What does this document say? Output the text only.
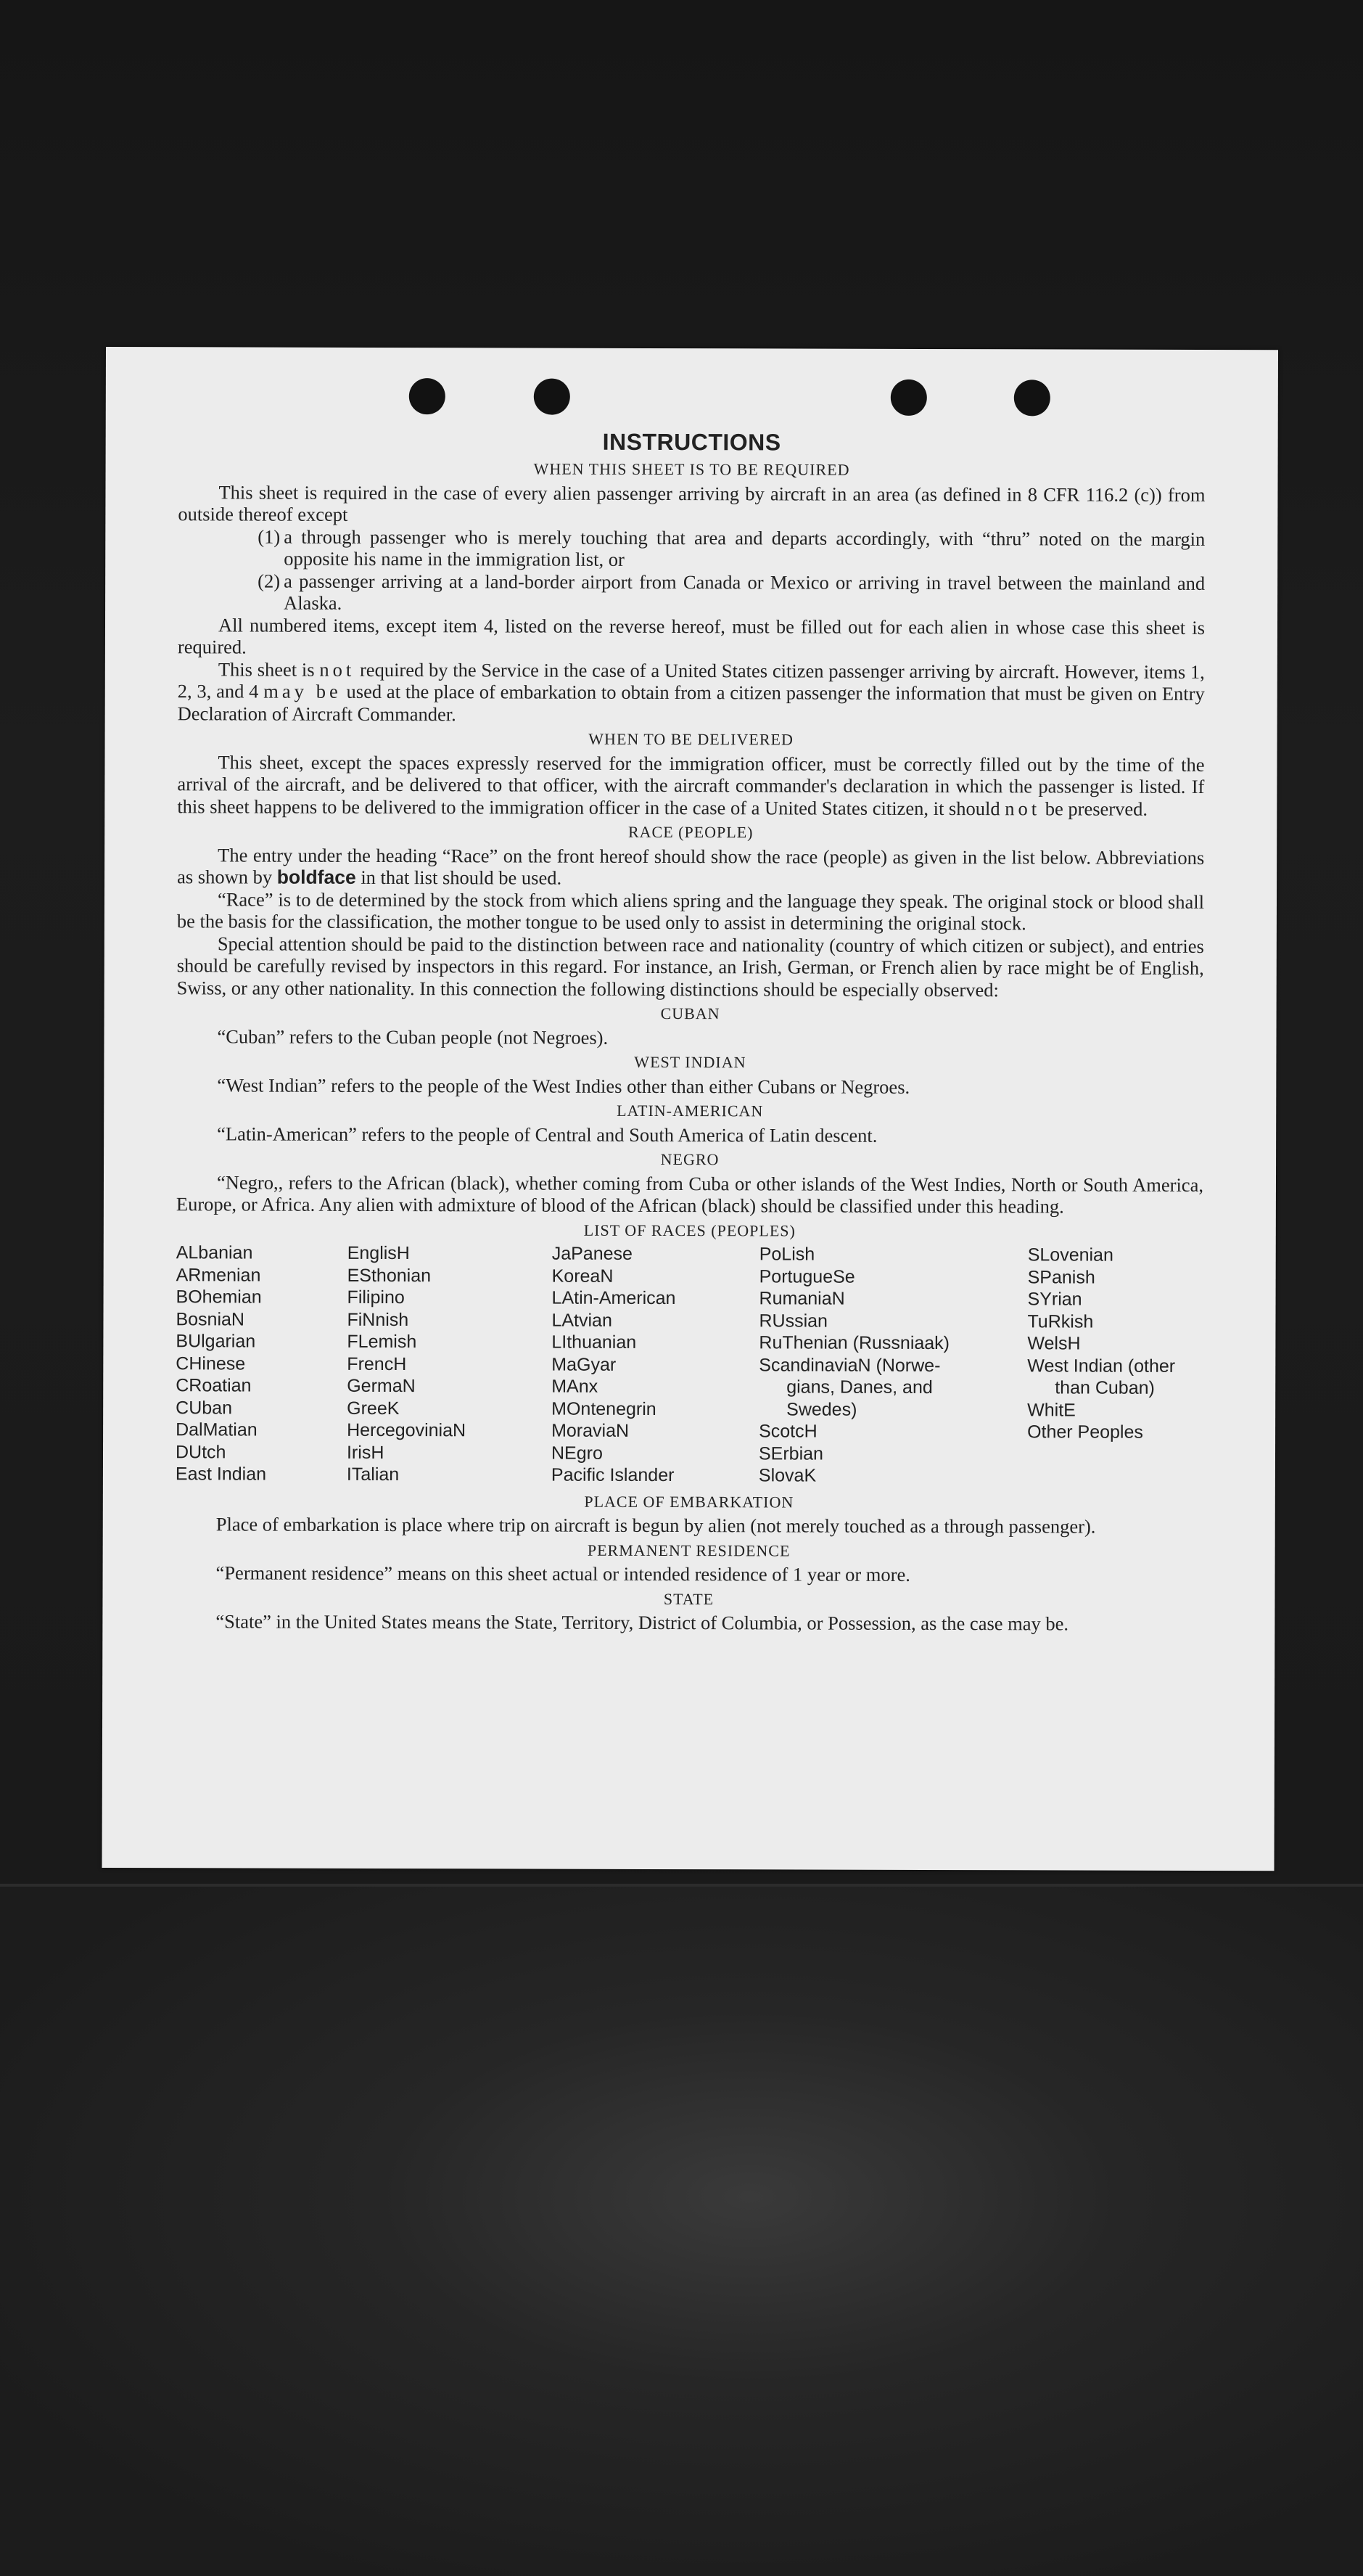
INSTRUCTIONS
WHEN THIS SHEET IS TO BE REQUIRED

This sheet is required in the case of every alien passenger arriving by aircraft in an area (as defined in 8 CFR 116.2 (c)) from outside thereof except

(1) a through passenger who is merely touching that area and departs accordingly, with “thru” noted on the margin opposite his name in the immigration list, or
(2) a passenger arriving at a land-border airport from Canada or Mexico or arriving in travel between the mainland and Alaska.

All numbered items, except item 4, listed on the reverse hereof, must be filled out for each alien in whose case this sheet is required.

This sheet is not required by the Service in the case of a United States citizen passenger arriving by aircraft. However, items 1, 2, 3, and 4 may be used at the place of embarkation to obtain from a citizen passenger the information that must be given on Entry Declaration of Aircraft Commander.

WHEN TO BE DELIVERED

This sheet, except the spaces expressly reserved for the immigration officer, must be correctly filled out by the time of the arrival of the aircraft, and be delivered to that officer, with the aircraft commander's declaration in which the passenger is listed. If this sheet happens to be delivered to the immigration officer in the case of a United States citizen, it should not be preserved.

RACE (PEOPLE)

The entry under the heading “Race” on the front hereof should show the race (people) as given in the list below. Abbreviations as shown by boldface in that list should be used.

“Race” is to de determined by the stock from which aliens spring and the language they speak. The original stock or blood shall be the basis for the classification, the mother tongue to be used only to assist in determining the original stock.

Special attention should be paid to the distinction between race and nationality (country of which citizen or subject), and entries should be carefully revised by inspectors in this regard. For instance, an Irish, German, or French alien by race might be of English, Swiss, or any other nationality. In this connection the following distinctions should be especially observed:

CUBAN

“Cuban” refers to the Cuban people (not Negroes).

WEST INDIAN

“West Indian” refers to the people of the West Indies other than either Cubans or Negroes.

LATIN-AMERICAN

“Latin-American” refers to the people of Central and South America of Latin descent.

NEGRO

“Negro,, refers to the African (black), whether coming from Cuba or other islands of the West Indies, North or South America, Europe, or Africa. Any alien with admixture of blood of the African (black) should be classified under this heading.

LIST OF RACES (PEOPLES)
ALbanian
ARmenian
BOhemian
BosniaN
BUlgarian
CHinese
CRoatian
CUban
DalMatian
DUtch
East Indian
EnglisH
ESthonian
Filipino
FiNnish
FLemish
FrencH
GermaN
GreeK
HercegoviniaN
IrisH
ITalian
JaPanese
KoreaN
LAtin-American
LAtvian
LIthuanian
MaGyar
MAnx
MOntenegrin
MoraviaN
NEgro
Pacific Islander
PoLish
PortugueSe
RumaniaN
RUssian
RuThenian (Russniaak)
ScandinaviaN (Norwe-
gians, Danes, and
Swedes)
ScotcH
SErbian
SlovaK
SLovenian
SPanish
SYrian
TuRkish
WelsH
West Indian (other
than Cuban)
WhitE
Other Peoples
PLACE OF EMBARKATION

Place of embarkation is place where trip on aircraft is begun by alien (not merely touched as a through passenger).

PERMANENT RESIDENCE

“Permanent residence” means on this sheet actual or intended residence of 1 year or more.

STATE

“State” in the United States means the State, Territory, District of Columbia, or Possession, as the case may be.
